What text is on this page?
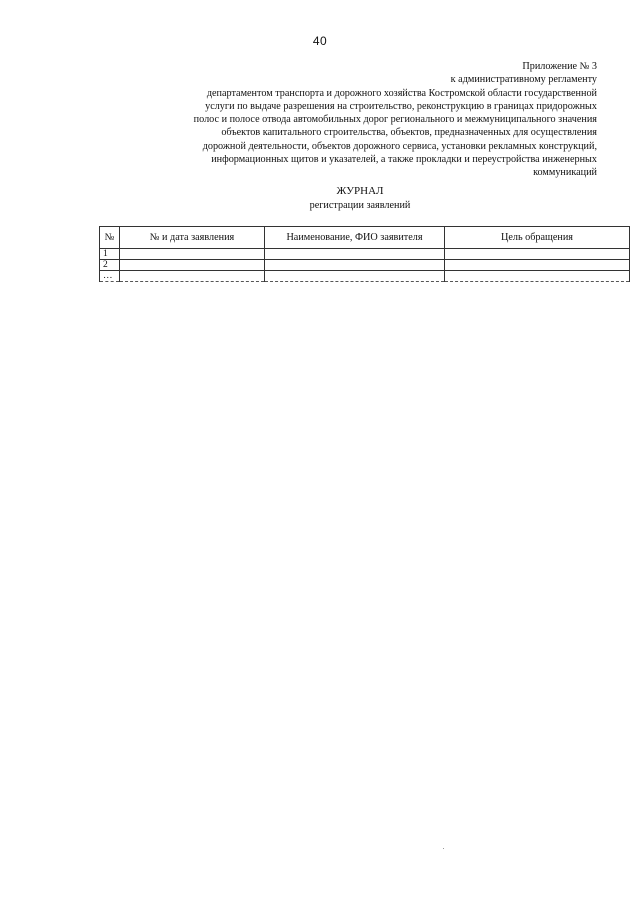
40
Приложение № 3
к административному регламенту
департаментом транспорта и дорожного хозяйства Костромской области государственной
услуги по выдаче разрешения на строительство, реконструкцию в границах придорожных
полос и полосе отвода автомобильных дорог регионального и межмуниципального значения
объектов капитального строительства, объектов, предназначенных для осуществления
дорожной деятельности, объектов дорожного сервиса, установки рекламных конструкций,
информационных щитов и указателей, а также прокладки и переустройства инженерных
коммуникаций
ЖУРНАЛ
регистрации заявлений
№	№ и дата заявления	Наименование, ФИО заявителя	Цель обращения
1			
2			
…			
